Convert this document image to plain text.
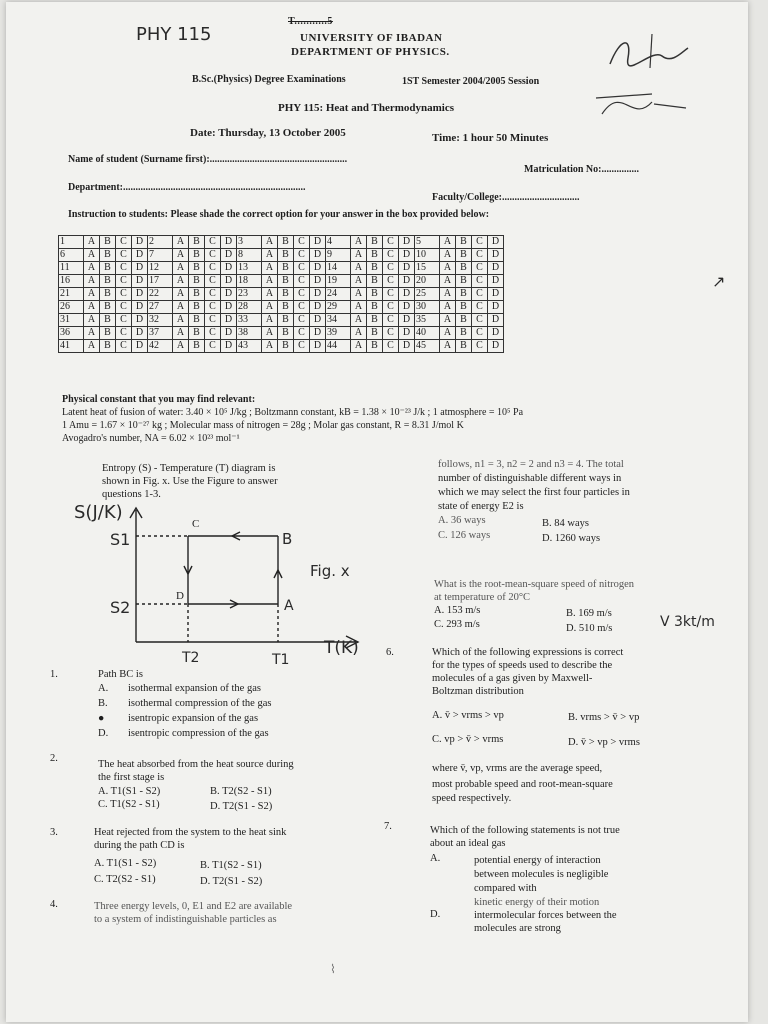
PHY 115
T...........5
UNIVERSITY OF IBADAN
DEPARTMENT OF PHYSICS.
B.Sc.(Physics) Degree Examinations	1ST Semester 2004/2005 Session
PHY 115: Heat and Thermodynamics
Date: Thursday, 13 October 2005	Time: 1 hour 50 Minutes
Name of student (Surname first):.......................................................
Matriculation No:...............
Department:.........................................................................
Faculty/College:...............................
Instruction to students: Please shade the correct option for your answer in the box provided below:
1	A	B	C	D	2	A	B	C	D	3	A	B	C	D	4	A	B	C	D	5	A	B	C	D
6	A	B	C	D	7	A	B	C	D	8	A	B	C	D	9	A	B	C	D	10	A	B	C	D
11	A	B	C	D	12	A	B	C	D	13	A	B	C	D	14	A	B	C	D	15	A	B	C	D
16	A	B	C	D	17	A	B	C	D	18	A	B	C	D	19	A	B	C	D	20	A	B	C	D
21	A	B	C	D	22	A	B	C	D	23	A	B	C	D	24	A	B	C	D	25	A	B	C	D
26	A	B	C	D	27	A	B	C	D	28	A	B	C	D	29	A	B	C	D	30	A	B	C	D
31	A	B	C	D	32	A	B	C	D	33	A	B	C	D	34	A	B	C	D	35	A	B	C	D
36	A	B	C	D	37	A	B	C	D	38	A	B	C	D	39	A	B	C	D	40	A	B	C	D
41	A	B	C	D	42	A	B	C	D	43	A	B	C	D	44	A	B	C	D	45	A	B	C	D
↗
Physical constant that you may find relevant:
Latent heat of fusion of water: 3.40 × 10⁵ J/kg ; Boltzmann constant, kB = 1.38 × 10⁻²³ J/k ; 1 atmosphere = 10⁵ Pa
1 Amu = 1.67 × 10⁻²⁷ kg ; Molecular mass of nitrogen = 28g ; Molar gas constant, R = 8.31 J/mol K
Avogadro's number, NA = 6.02 × 10²³ mol⁻¹
Entropy (S) - Temperature (T) diagram is
shown in Fig. x. Use the Figure to answer
questions 1-3.
S(J/K)
S1
S2
C
B
D
A
Fig. x
T2	T1
T(K)
1.	Path BC is
A. isothermal expansion of the gas
B. isothermal compression of the gas
● isentropic expansion of the gas
D. isentropic compression of the gas
2.
The heat absorbed from the heat source during
the first stage is
A. T1(S1 - S2)	B. T2(S2 - S1)
C. T1(S2 - S1)	D. T2(S1 - S2)
3.	Heat rejected from the system to the heat sink
during the path CD is
A. T1(S1 - S2)	B. T1(S2 - S1)
C. T2(S2 - S1)	D. T2(S1 - S2)
4.	Three energy levels, 0, E1 and E2 are available
to a system of indistinguishable particles as
follows, n1 = 3, n2 = 2 and n3 = 4. The total
number of distinguishable different ways in
which we may select the first four particles in
state of energy E2 is
A. 36 ways	B. 84 ways
C. 126 ways	D. 1260 ways
What is the root-mean-square speed of nitrogen
at temperature of 20°C
A. 153 m/s	B. 169 m/s
C. 293 m/s	D. 510 m/s	V 3kt/m
6.	Which of the following expressions is correct
for the types of speeds used to describe the
molecules of a gas given by Maxwell-
Boltzman distribution
A. v̄ > vrms > vp	B. vrms > v̄ > vp
C. vp > v̄ > vrms	D. v̄ > vp > vrms
where v̄, vp, vrms are the average speed,
most probable speed and root-mean-square
speed respectively.
7.	Which of the following statements is not true
about an ideal gas
A.	potential energy of interaction
between molecules is negligible
compared with
kinetic energy of their motion
D.	intermolecular forces between the
molecules are strong
⌇
